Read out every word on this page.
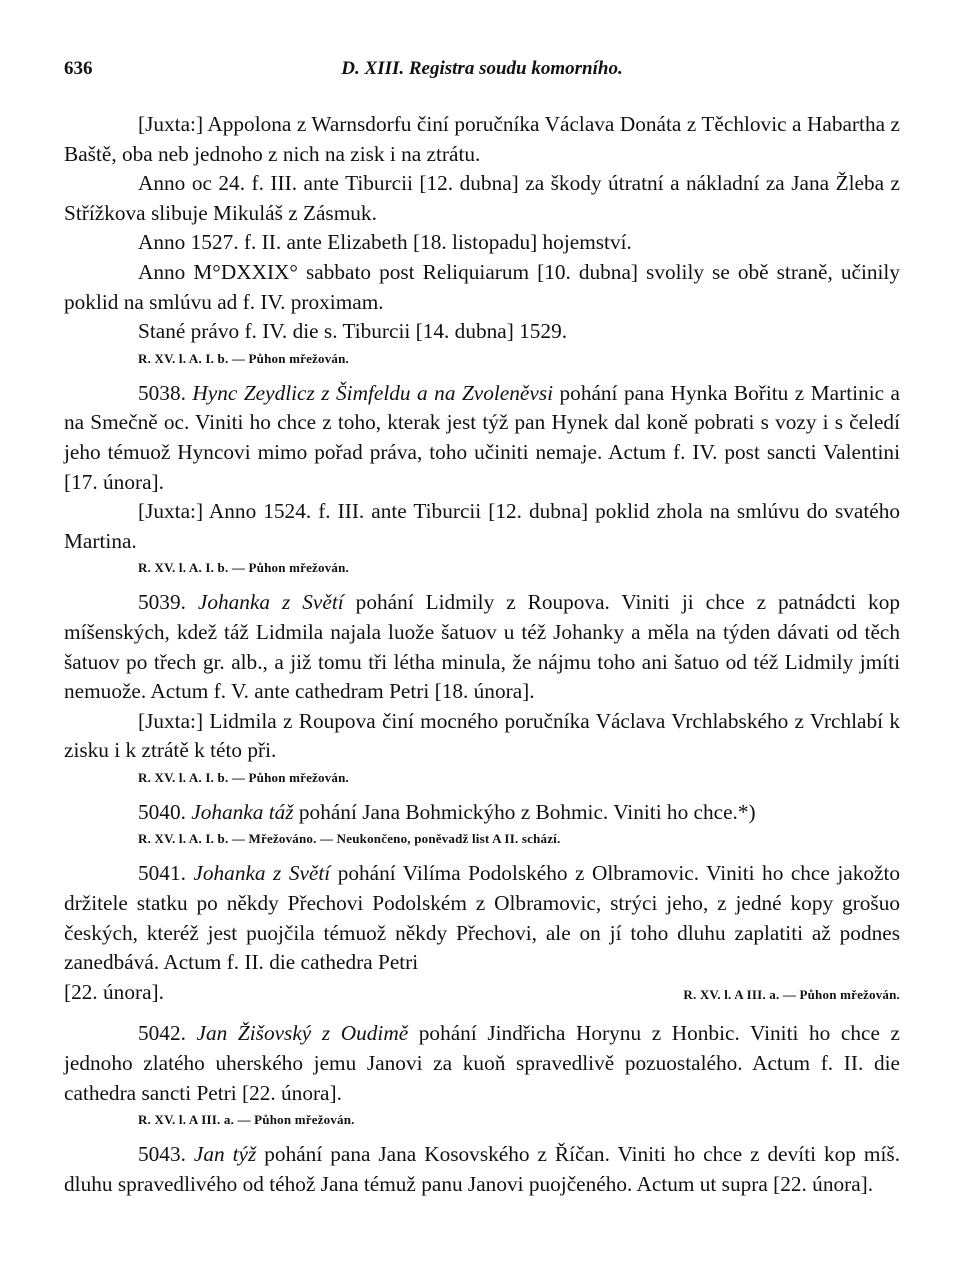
636	D. XIII. Registra soudu komorního.

[Juxta:] Appolona z Warnsdorfu činí poručníka Václava Donáta z Těchlovic a Habartha z Baště, oba neb jednoho z nich na zisk i na ztrátu.

Anno oc 24. f. III. ante Tiburcii [12. dubna] za škody útratní a nákladní za Jana Žleba z Střížkova slibuje Mikuláš z Zásmuk.

Anno 1527. f. II. ante Elizabeth [18. listopadu] hojemství.

Anno M°DXXIX° sabbato post Reliquiarum [10. dubna] svolily se obě straně, učinily poklid na smlúvu ad f. IV. proximam.

Stané právo f. IV. die s. Tiburcii [14. dubna] 1529.

R. XV. l. A. I. b. — Půhon mřežován.

5038. Hync Zeydlicz z Šimfeldu a na Zvoleněvsi pohání pana Hynka Bořitu z Martinic a na Smečně oc. Viniti ho chce z toho, kterak jest týž pan Hynek dal koně pobrati s vozy i s čeledí jeho témuož Hyncovi mimo pořad práva, toho učiniti nemaje. Actum f. IV. post sancti Valentini [17. února].

[Juxta:] Anno 1524. f. III. ante Tiburcii [12. dubna] poklid zhola na smlúvu do svatého Martina.

R. XV. l. A. I. b. — Půhon mřežován.

5039. Johanka z Světí pohání Lidmily z Roupova. Viniti ji chce z patnádcti kop míšenských, kdež táž Lidmila najala luože šatuov u též Johanky a měla na týden dávati od těch šatuov po třech gr. alb., a již tomu tři létha minula, že nájmu toho ani šatuo od též Lidmily jmíti nemuože. Actum f. V. ante cathedram Petri [18. února].

[Juxta:] Lidmila z Roupova činí mocného poručníka Václava Vrchlabského z Vrchlabí k zisku i k ztrátě k této při.

R. XV. l. A. I. b. — Půhon mřežován.

5040. Johanka táž pohání Jana Bohmickýho z Bohmic. Viniti ho chce.*)

R. XV. l. A. I. b. — Mřežováno. — Neukončeno, poněvadž list A II. schází.

5041. Johanka z Světí pohání Vilíma Podolského z Olbramovic. Viniti ho chce jakožto držitele statku po někdy Přechovi Podolském z Olbramovic, strýci jeho, z jedné kopy grošuo českých, kteréž jest puojčila témuož někdy Přechovi, ale on jí toho dluhu zaplatiti až podnes zanedbává. Actum f. II. die cathedra Petri

[22. února].	R. XV. l. A III. a. — Půhon mřežován.

5042. Jan Žišovský z Oudimě pohání Jindřicha Horynu z Honbic. Viniti ho chce z jednoho zlatého uherského jemu Janovi za kuoň spravedlivě pozuostalého. Actum f. II. die cathedra sancti Petri [22. února].

R. XV. l. A III. a. — Půhon mřežován.

5043. Jan týž pohání pana Jana Kosovského z Říčan. Viniti ho chce z devíti kop míš. dluhu spravedlivého od téhož Jana témuž panu Janovi puojčeného. Actum ut supra [22. února].
